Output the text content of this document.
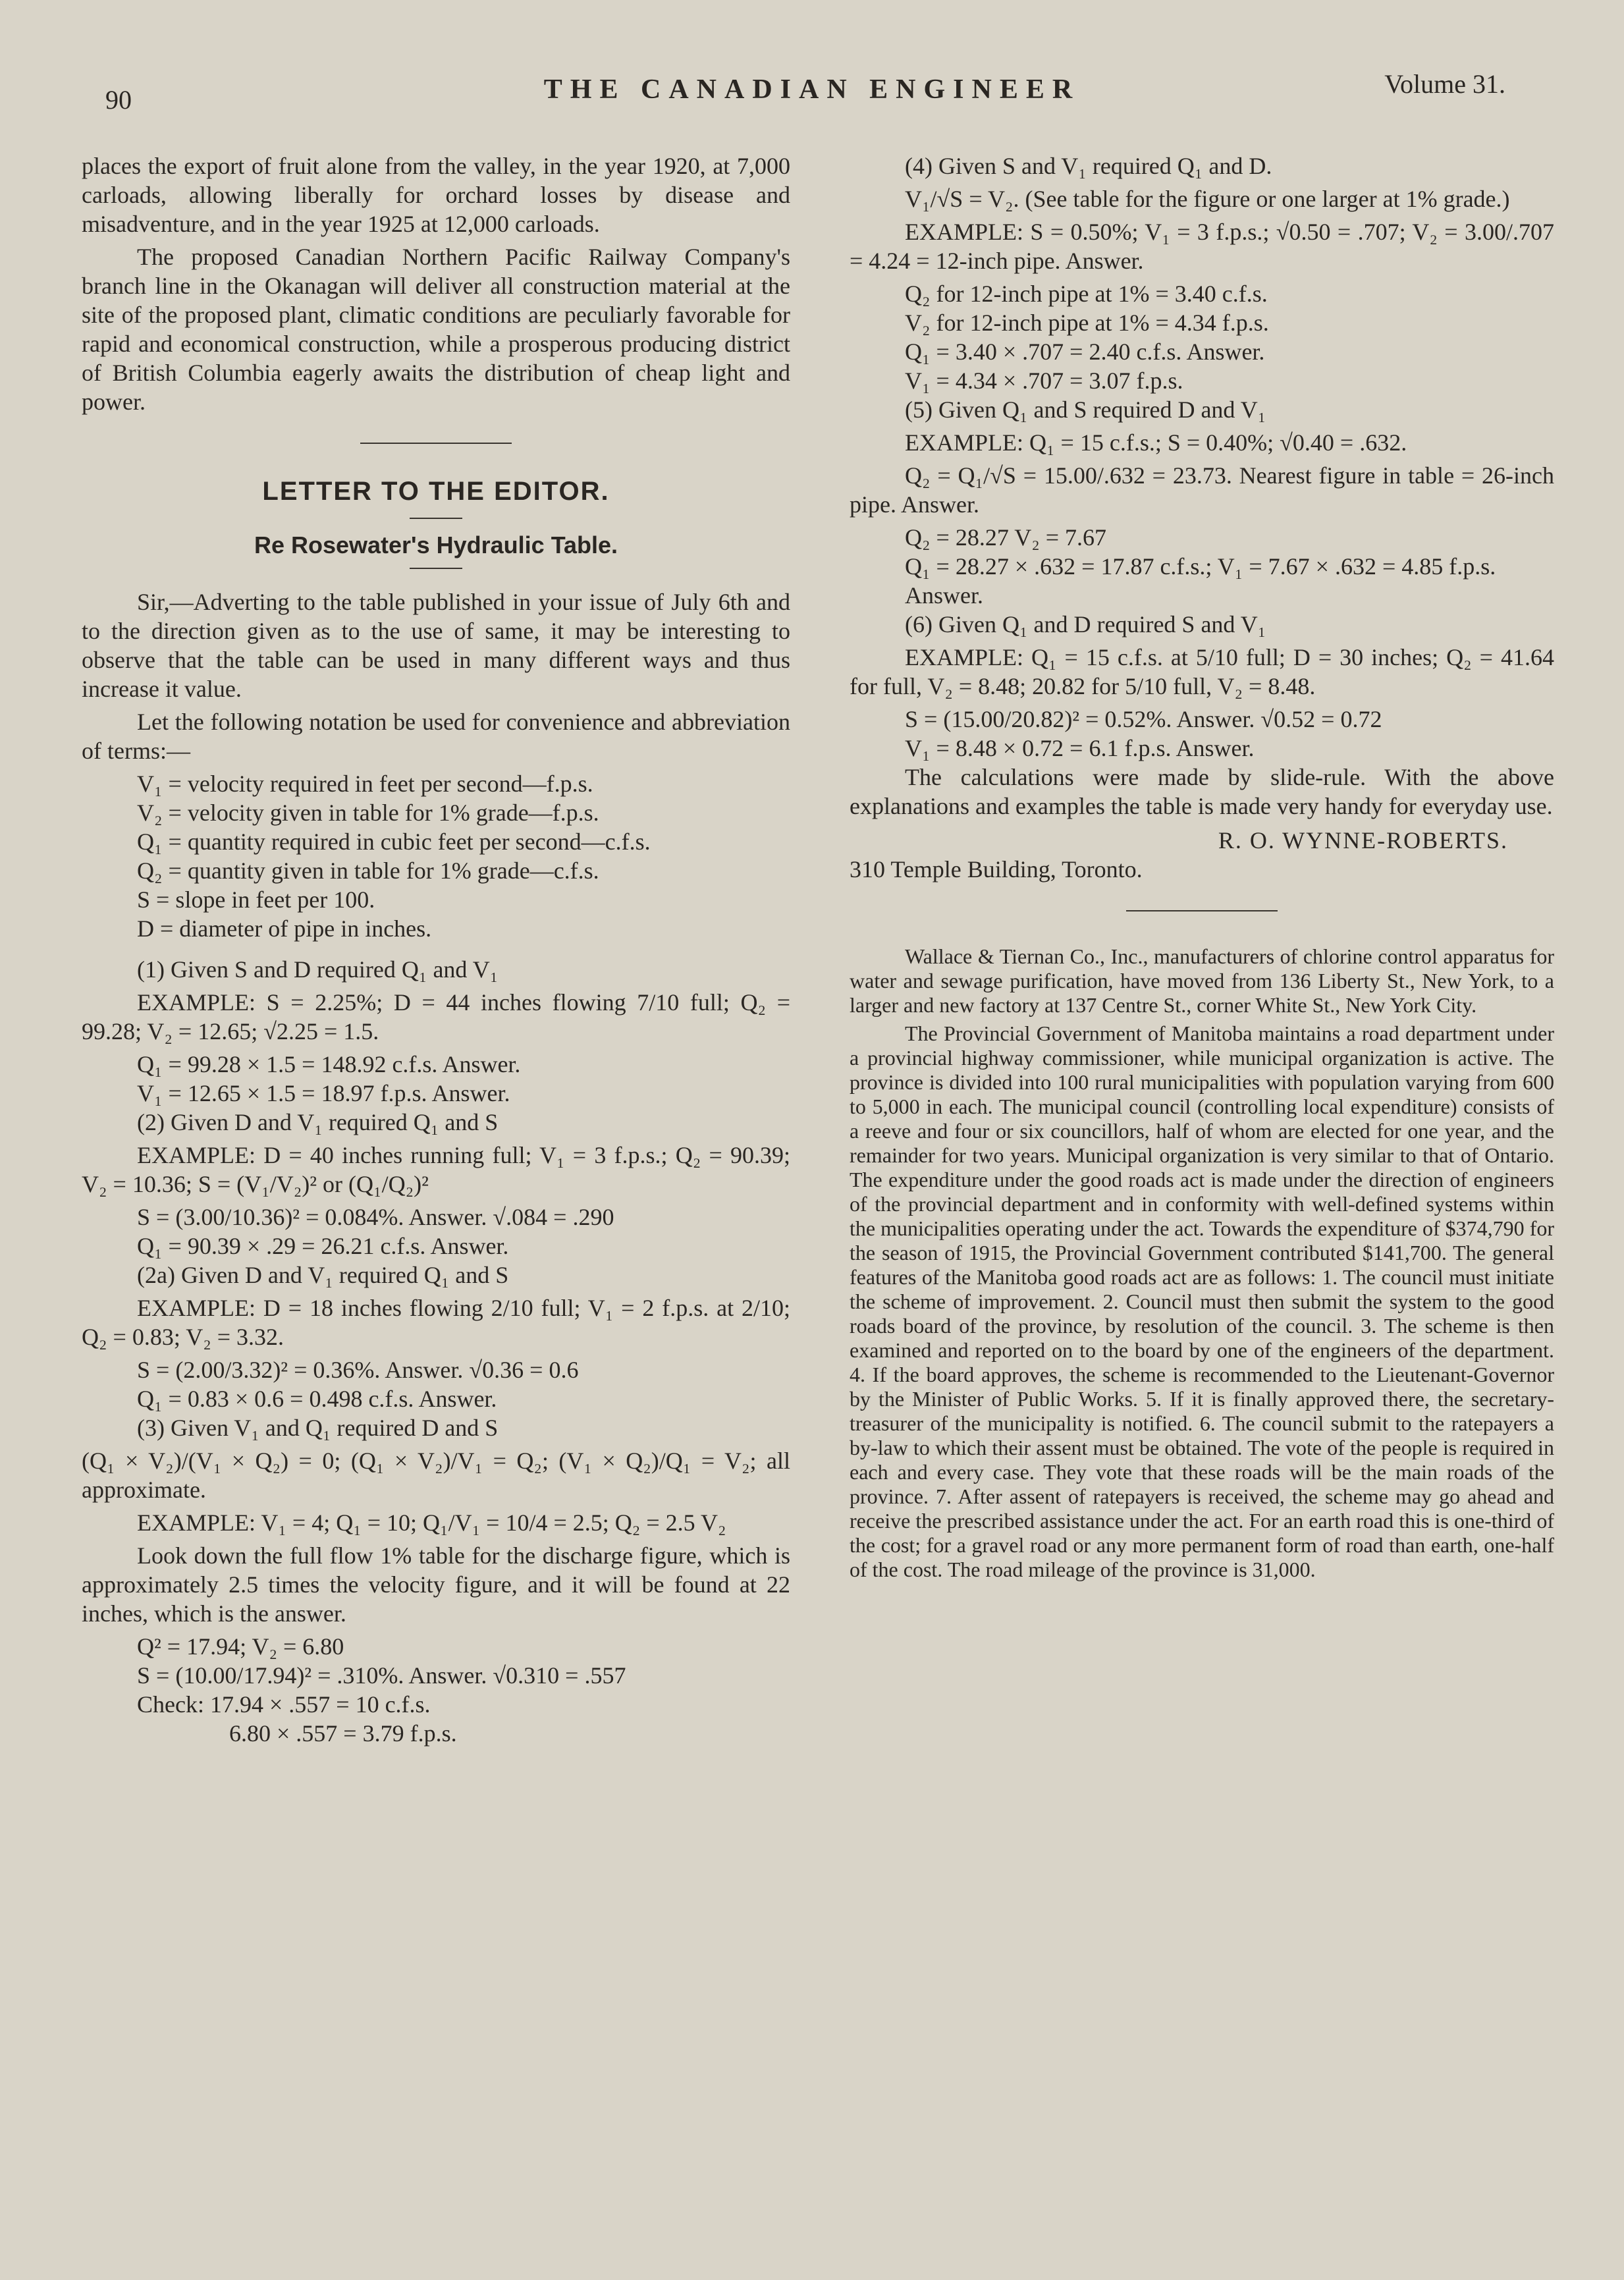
90	THE CANADIAN ENGINEER	Volume 31.

places the export of fruit alone from the valley, in the year 1920, at 7,000 carloads, allowing liberally for orchard losses by disease and misadventure, and in the year 1925 at 12,000 carloads.

The proposed Canadian Northern Pacific Railway Company's branch line in the Okanagan will deliver all construction material at the site of the proposed plant, climatic conditions are peculiarly favorable for rapid and economical construction, while a prosperous producing district of British Columbia eagerly awaits the distribution of cheap light and power.

LETTER TO THE EDITOR.
Re Rosewater's Hydraulic Table.

Sir,—Adverting to the table published in your issue of July 6th and to the direction given as to the use of same, it may be interesting to observe that the table can be used in many different ways and thus increase it value.

Let the following notation be used for convenience and abbreviation of terms:—

V₁ = velocity required in feet per second—f.p.s.
V₂ = velocity given in table for 1% grade—f.p.s.
Q₁ = quantity required in cubic feet per second—c.f.s.
Q₂ = quantity given in table for 1% grade—c.f.s.
S = slope in feet per 100.
D = diameter of pipe in inches.

(1) Given S and D required Q₁ and V₁

EXAMPLE: S = 2.25%; D = 44 inches flowing 7/10 full; Q₂ = 99.28; V₂ = 12.65; √2.25 = 1.5.

Q₁ = 99.28 × 1.5 = 148.92 c.f.s. Answer.
V₁ = 12.65 × 1.5 = 18.97 f.p.s. Answer.

(2) Given D and V₁ required Q₁ and S

EXAMPLE: D = 40 inches running full; V₁ = 3 f.p.s.; Q₂ = 90.39; V₂ = 10.36; S = (V₁/V₂)² or (Q₁/Q₂)²

S = (3.00/10.36)² = 0.084%. Answer. √.084 = .290
Q₁ = 90.39 × .29 = 26.21 c.f.s. Answer.

(2a) Given D and V₁ required Q₁ and S

EXAMPLE: D = 18 inches flowing 2/10 full; V₁ = 2 f.p.s. at 2/10; Q₂ = 0.83; V₂ = 3.32.

S = (2.00/3.32)² = 0.36%. Answer. √0.36 = 0.6
Q₁ = 0.83 × 0.6 = 0.498 c.f.s. Answer.

(3) Given V₁ and Q₁ required D and S

(Q₁ × V₂)/(V₁ × Q₂) = 0; (Q₁ × V₂)/V₁ = Q₂; (V₁ × Q₂)/Q₁ = V₂; all approximate.

EXAMPLE: V₁ = 4; Q₁ = 10; Q₁/V₁ = 10/4 = 2.5; Q₂ = 2.5 V₂

Look down the full flow 1% table for the discharge figure, which is approximately 2.5 times the velocity figure, and it will be found at 22 inches, which is the answer.

Q² = 17.94; V₂ = 6.80
S = (10.00/17.94)² = .310%. Answer. √0.310 = .557
Check: 17.94 × .557 = 10 c.f.s.
6.80 × .557 = 3.79 f.p.s.

(4) Given S and V₁ required Q₁ and D.

V₁/√S = V₂. (See table for the figure or one larger at 1% grade.)

EXAMPLE: S = 0.50%; V₁ = 3 f.p.s.; √0.50 = .707; V₂ = 3.00/.707 = 4.24 = 12-inch pipe. Answer.

Q₂ for 12-inch pipe at 1% = 3.40 c.f.s.
V₂ for 12-inch pipe at 1% = 4.34 f.p.s.
Q₁ = 3.40 × .707 = 2.40 c.f.s. Answer.
V₁ = 4.34 × .707 = 3.07 f.p.s.

(5) Given Q₁ and S required D and V₁

EXAMPLE: Q₁ = 15 c.f.s.; S = 0.40%; √0.40 = .632.

Q₂ = Q₁/√S = 15.00/.632 = 23.73. Nearest figure in table = 26-inch pipe. Answer.

Q₂ = 28.27 V₂ = 7.67
Q₁ = 28.27 × .632 = 17.87 c.f.s.; V₁ = 7.67 × .632 = 4.85 f.p.s. Answer.

(6) Given Q₁ and D required S and V₁

EXAMPLE: Q₁ = 15 c.f.s. at 5/10 full; D = 30 inches; Q₂ = 41.64 for full, V₂ = 8.48; 20.82 for 5/10 full, V₂ = 8.48.

S = (15.00/20.82)² = 0.52%. Answer. √0.52 = 0.72
V₁ = 8.48 × 0.72 = 6.1 f.p.s. Answer.

The calculations were made by slide-rule. With the above explanations and examples the table is made very handy for everyday use.

R. O. WYNNE-ROBERTS.

310 Temple Building, Toronto.

Wallace & Tiernan Co., Inc., manufacturers of chlorine control apparatus for water and sewage purification, have moved from 136 Liberty St., New York, to a larger and new factory at 137 Centre St., corner White St., New York City.

The Provincial Government of Manitoba maintains a road department under a provincial highway commissioner, while municipal organization is active. The province is divided into 100 rural municipalities with population varying from 600 to 5,000 in each. The municipal council (controlling local expenditure) consists of a reeve and four or six councillors, half of whom are elected for one year, and the remainder for two years. Municipal organization is very similar to that of Ontario. The expenditure under the good roads act is made under the direction of engineers of the provincial department and in conformity with well-defined systems within the municipalities operating under the act. Towards the expenditure of $374,790 for the season of 1915, the Provincial Government contributed $141,700. The general features of the Manitoba good roads act are as follows: 1. The council must initiate the scheme of improvement. 2. Council must then submit the system to the good roads board of the province, by resolution of the council. 3. The scheme is then examined and reported on to the board by one of the engineers of the department. 4. If the board approves, the scheme is recommended to the Lieutenant-Governor by the Minister of Public Works. 5. If it is finally approved there, the secretary-treasurer of the municipality is notified. 6. The council submit to the ratepayers a by-law to which their assent must be obtained. The vote of the people is required in each and every case. They vote that these roads will be the main roads of the province. 7. After assent of ratepayers is received, the scheme may go ahead and receive the prescribed assistance under the act. For an earth road this is one-third of the cost; for a gravel road or any more permanent form of road than earth, one-half of the cost. The road mileage of the province is 31,000.
